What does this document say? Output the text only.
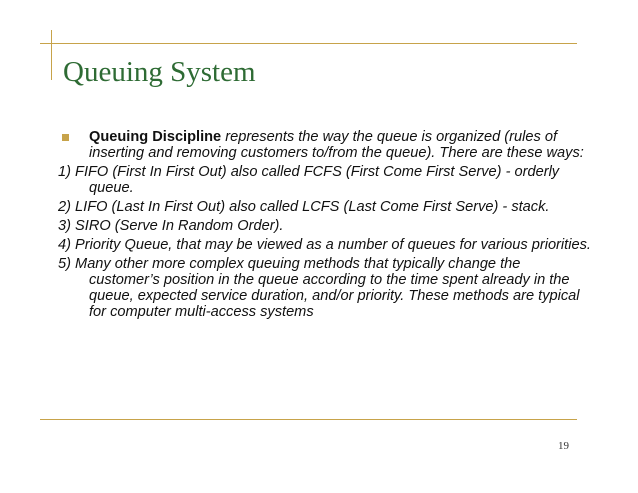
Queuing System
Queuing Discipline represents the way the queue is organized (rules of inserting and removing customers to/from the queue). There are these ways:
1) FIFO (First In First Out) also called FCFS (First Come First Serve) - orderly queue.
2) LIFO (Last In First Out) also called LCFS (Last Come First Serve) - stack.
3) SIRO (Serve In Random Order).
4) Priority Queue, that may be viewed as a number of queues for various priorities.
5) Many other more complex queuing methods that typically change the customer’s position in the queue according to the time spent already in the queue, expected service duration, and/or priority. These methods are typical for computer multi-access systems
19
